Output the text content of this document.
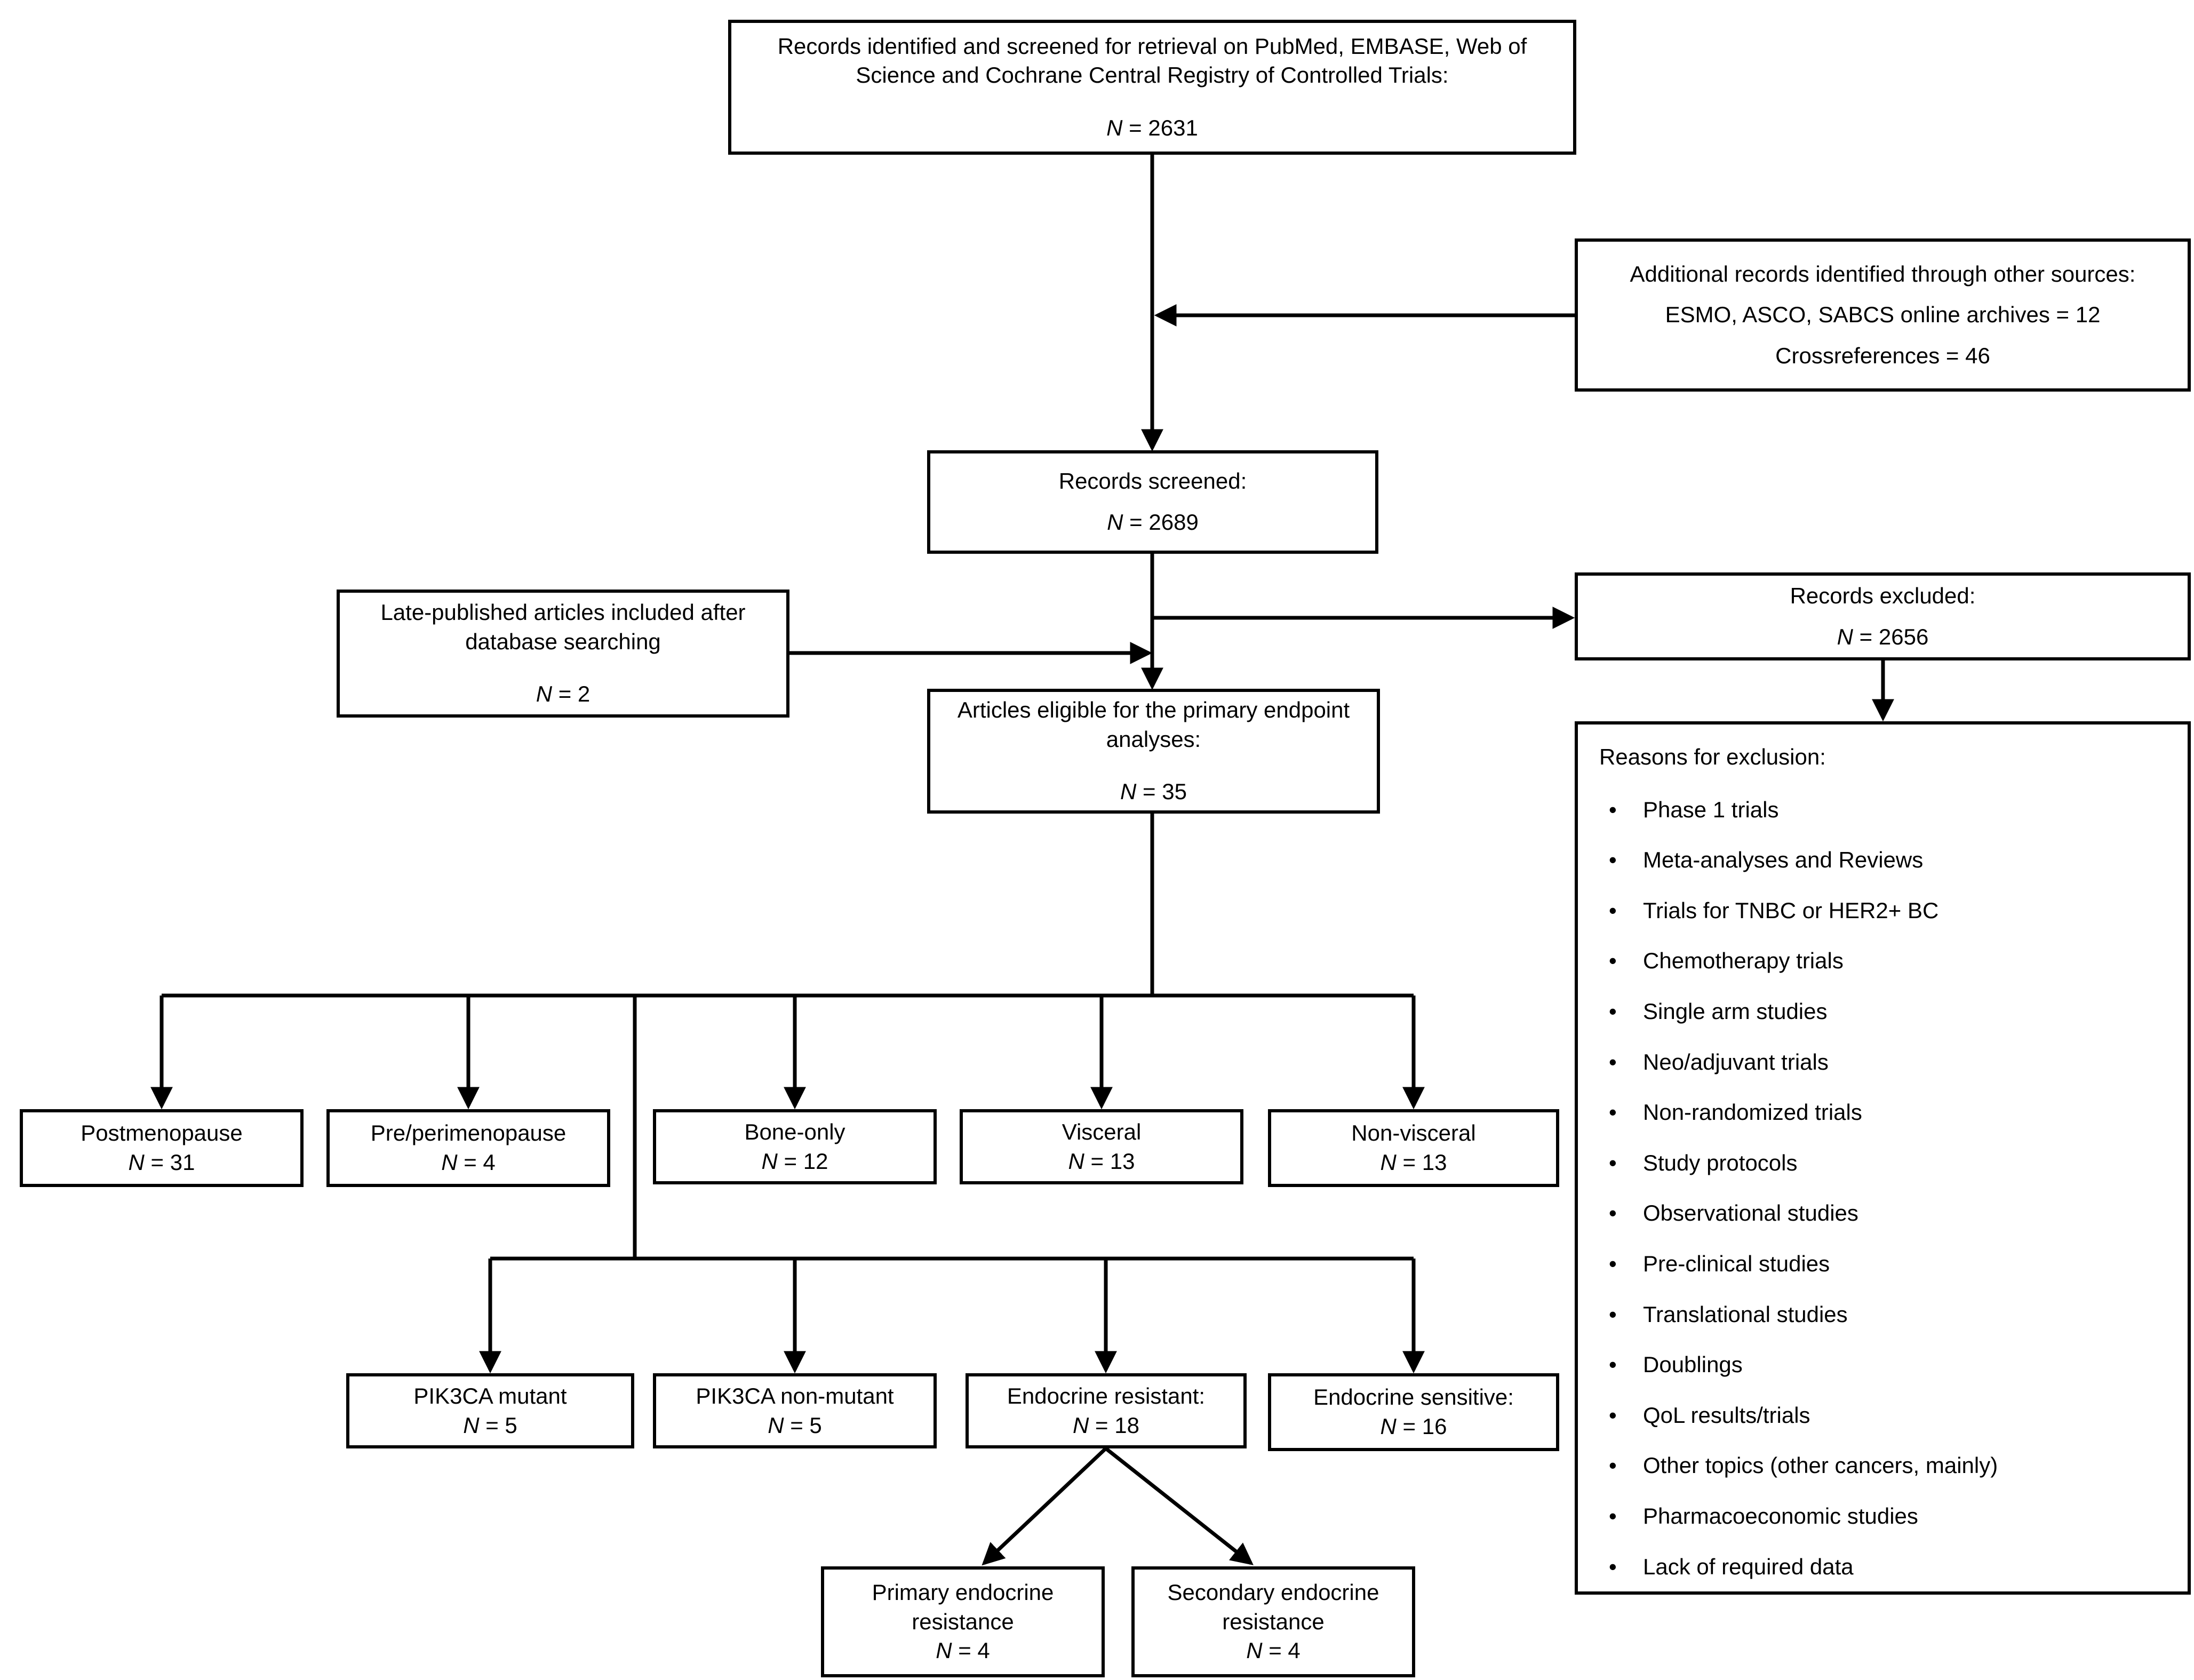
Records identified and screened for retrieval on PubMed, EMBASE, Web of Science and Cochrane Central Registry of Controlled Trials:
N = 2631
Additional records identified through other sources:
ESMO, ASCO, SABCS online archives = 12
Crossreferences = 46
Records screened:
N = 2689
Late-published articles included after database searching
N = 2
Records excluded:
N = 2656
Articles eligible for the primary endpoint analyses:
N = 35
Reasons for exclusion:
• Phase 1 trials
• Meta-analyses and Reviews
• Trials for TNBC or HER2+ BC
• Chemotherapy trials
• Single arm studies
• Neo/adjuvant trials
• Non-randomized trials
• Study protocols
• Observational studies
• Pre-clinical studies
• Translational studies
• Doublings
• QoL results/trials
• Other topics (other cancers, mainly)
• Pharmacoeconomic studies
• Lack of required data
Postmenopause
N = 31
Pre/perimenopause
N = 4
Bone-only
N = 12
Visceral
N = 13
Non-visceral
N = 13
PIK3CA mutant
N = 5
PIK3CA non-mutant
N = 5
Endocrine resistant:
N = 18
Endocrine sensitive:
N = 16
Primary endocrine resistance
N = 4
Secondary endocrine resistance
N = 4
